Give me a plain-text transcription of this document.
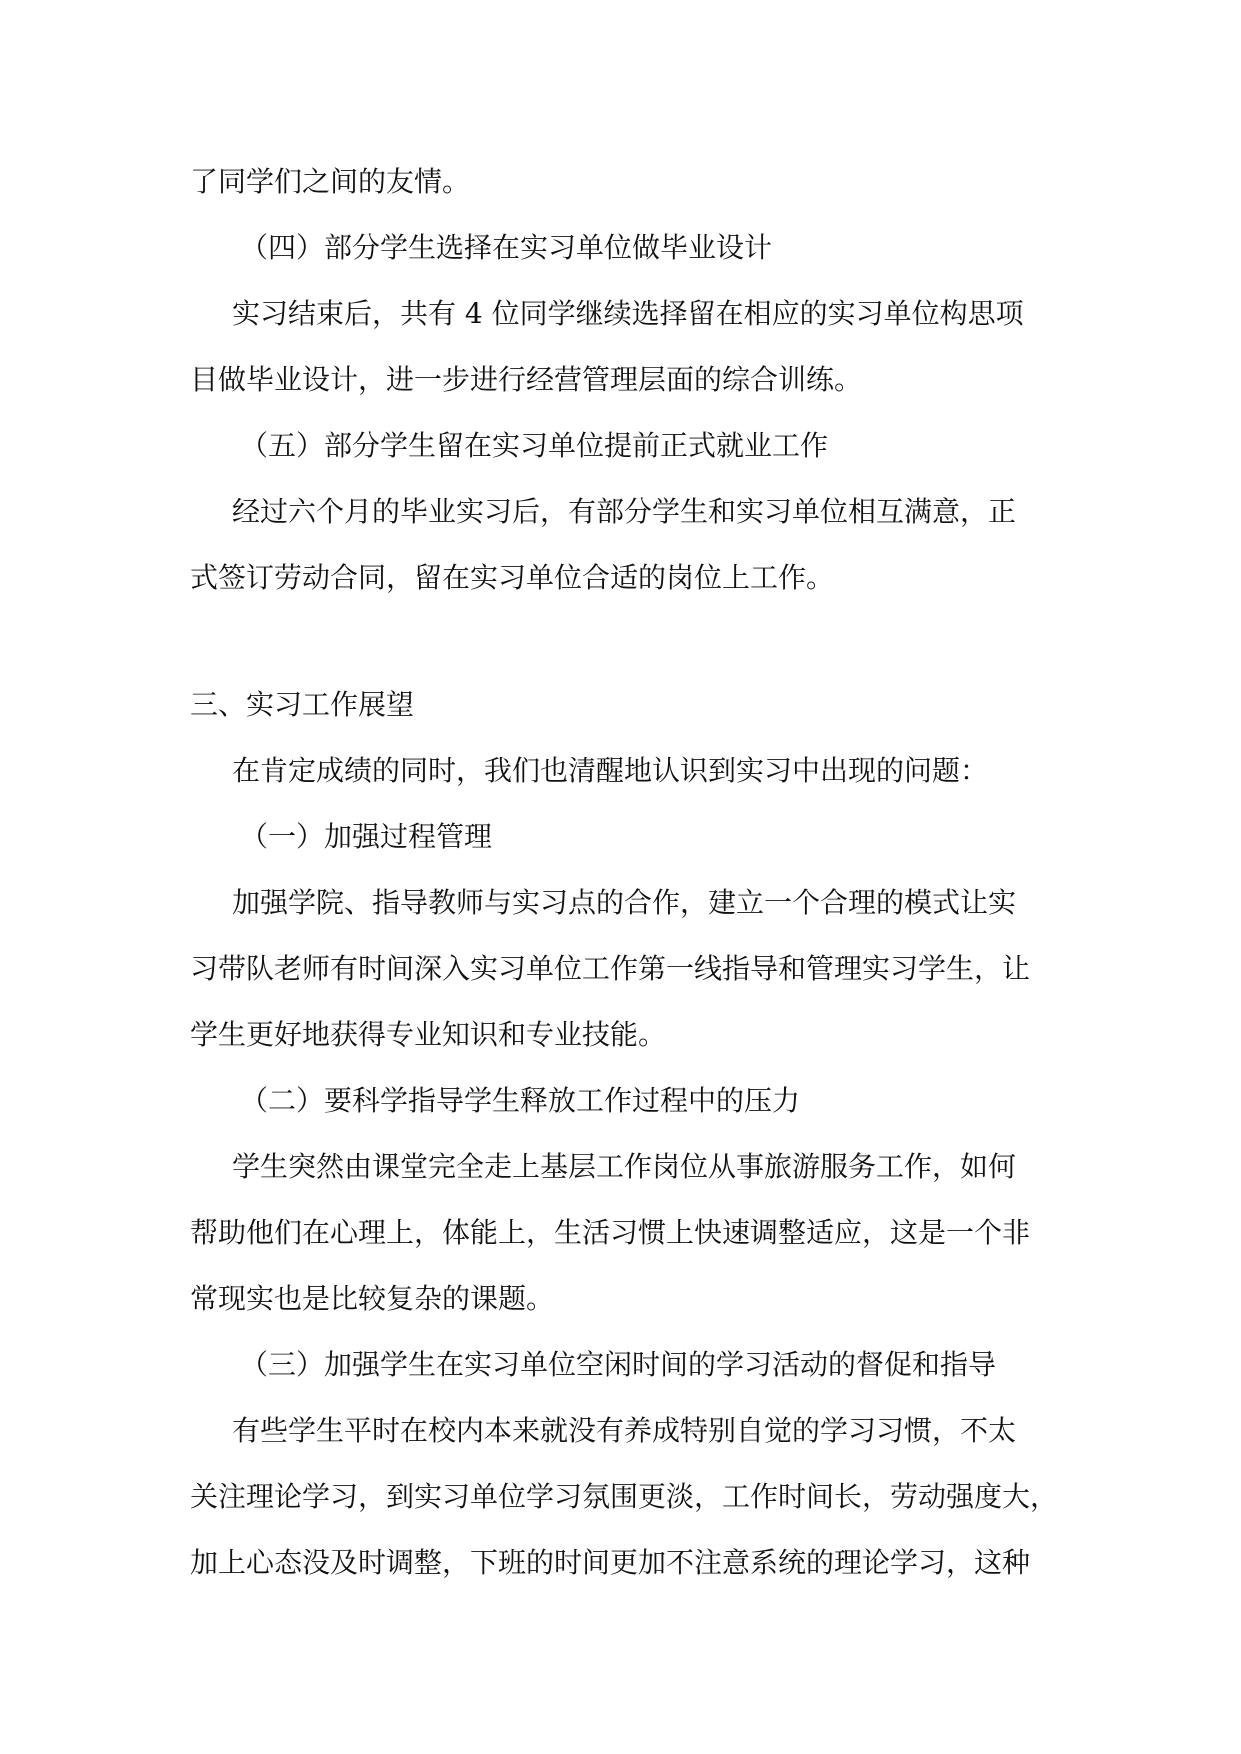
了同学们之间的友情。
（四）部分学生选择在实习单位做毕业设计
实习结束后，共有 4 位同学继续选择留在相应的实习单位构思项
目做毕业设计，进一步进行经营管理层面的综合训练。
（五）部分学生留在实习单位提前正式就业工作
经过六个月的毕业实习后，有部分学生和实习单位相互满意，正
式签订劳动合同，留在实习单位合适的岗位上工作。
三、实习工作展望
在肯定成绩的同时，我们也清醒地认识到实习中出现的问题：
（一）加强过程管理
加强学院、指导教师与实习点的合作，建立一个合理的模式让实
习带队老师有时间深入实习单位工作第一线指导和管理实习学生，让
学生更好地获得专业知识和专业技能。
（二）要科学指导学生释放工作过程中的压力
学生突然由课堂完全走上基层工作岗位从事旅游服务工作，如何
帮助他们在心理上，体能上，生活习惯上快速调整适应，这是一个非
常现实也是比较复杂的课题。
（三）加强学生在实习单位空闲时间的学习活动的督促和指导
有些学生平时在校内本来就没有养成特别自觉的学习习惯，不太
关注理论学习，到实习单位学习氛围更淡，工作时间长，劳动强度大，
加上心态没及时调整，下班的时间更加不注意系统的理论学习，这种
